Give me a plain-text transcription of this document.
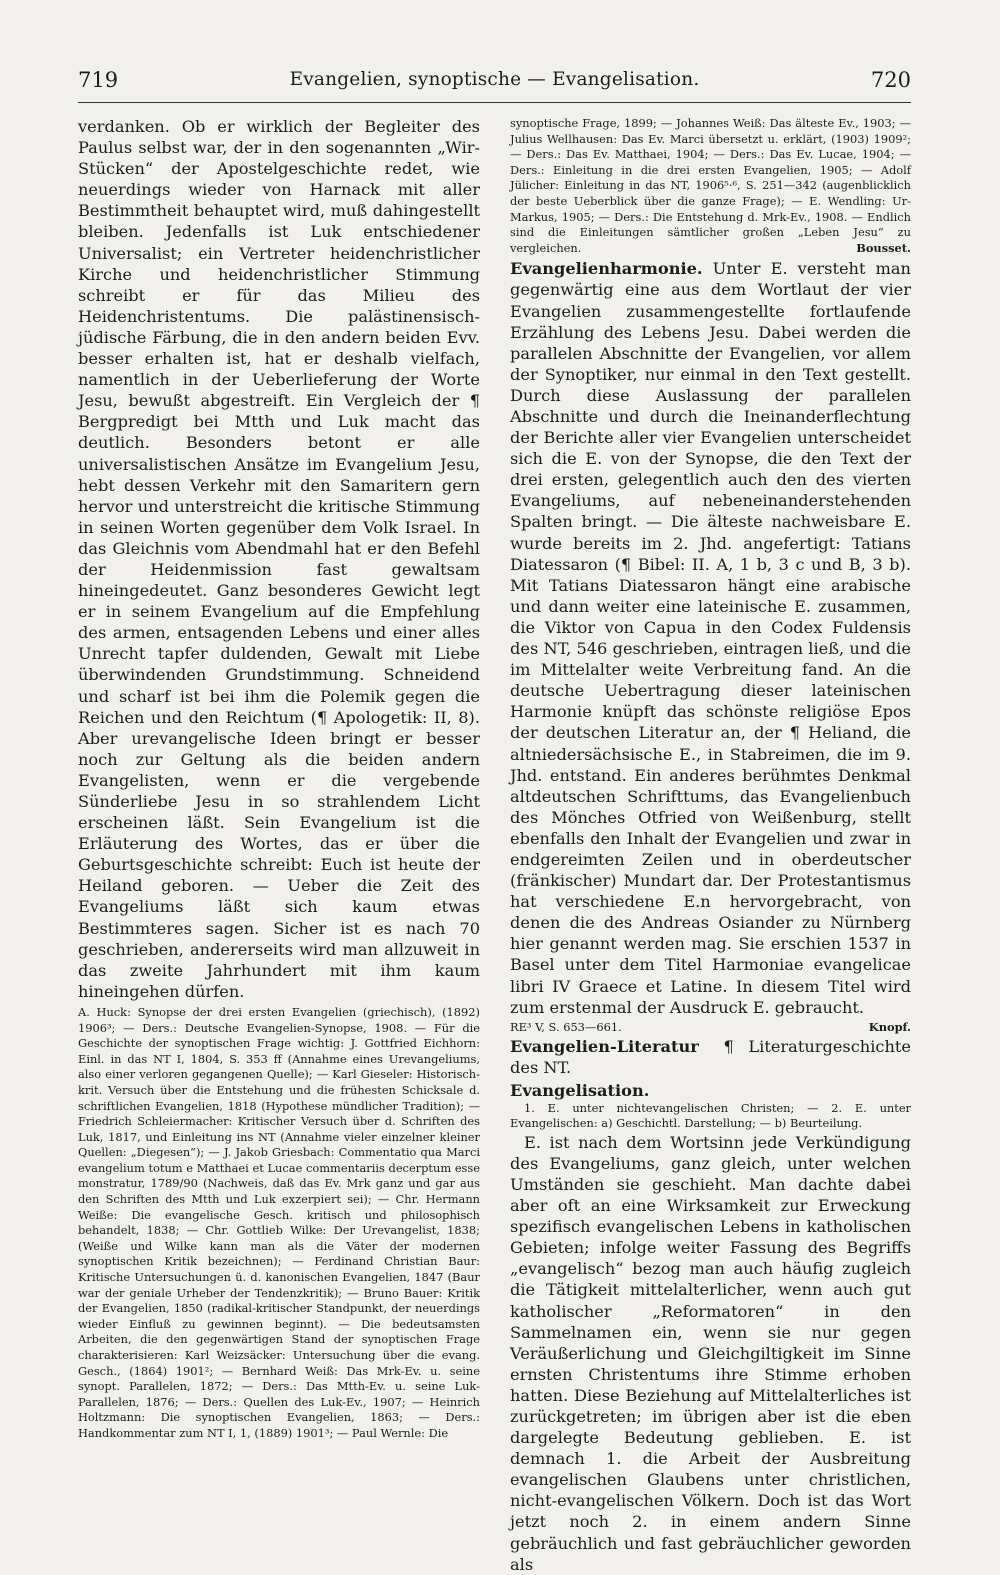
719	Evangelien, synoptische — Evangelisation.	720

verdanken. Ob er wirklich der Begleiter des Paulus selbst war, der in den sogenannten „Wir-Stücken“ der Apostelgeschichte redet, wie neuerdings wieder von Harnack mit aller Bestimmtheit behauptet wird, muß dahingestellt bleiben. Jedenfalls ist Luk entschiedener Universalist; ein Vertreter heidenchristlicher Kirche und heidenchristlicher Stimmung schreibt er für das Milieu des Heidenchristentums. Die palästinensisch-jüdische Färbung, die in den andern beiden Evv. besser erhalten ist, hat er deshalb vielfach, namentlich in der Ueberlieferung der Worte Jesu, bewußt abgestreift. Ein Vergleich der ¶ Bergpredigt bei Mtth und Luk macht das deutlich. Besonders betont er alle universalistischen Ansätze im Evangelium Jesu, hebt dessen Verkehr mit den Samaritern gern hervor und unterstreicht die kritische Stimmung in seinen Worten gegenüber dem Volk Israel. In das Gleichnis vom Abendmahl hat er den Befehl der Heidenmission fast gewaltsam hineingedeutet. Ganz besonderes Gewicht legt er in seinem Evangelium auf die Empfehlung des armen, entsagenden Lebens und einer alles Unrecht tapfer duldenden, Gewalt mit Liebe überwindenden Grundstimmung. Schneidend und scharf ist bei ihm die Polemik gegen die Reichen und den Reichtum (¶ Apologetik: II, 8). Aber urevangelische Ideen bringt er besser noch zur Geltung als die beiden andern Evangelisten, wenn er die vergebende Sünderliebe Jesu in so strahlendem Licht erscheinen läßt. Sein Evangelium ist die Erläuterung des Wortes, das er über die Geburtsgeschichte schreibt: Euch ist heute der Heiland geboren. — Ueber die Zeit des Evangeliums läßt sich kaum etwas Bestimmteres sagen. Sicher ist es nach 70 geschrieben, andererseits wird man allzuweit in das zweite Jahrhundert mit ihm kaum hineingehen dürfen.

A. Huck: Synopse der drei ersten Evangelien (griechisch), (1892) 1906³; — Ders.: Deutsche Evangelien-Synopse, 1908. — Für die Geschichte der synoptischen Frage wichtig: J. Gottfried Eichhorn: Einl. in das NT I, 1804, S. 353 ff (Annahme eines Urevangeliums, also einer verloren gegangenen Quelle); — Karl Gieseler: Historisch-krit. Versuch über die Entstehung und die frühesten Schicksale d. schriftlichen Evangelien, 1818 (Hypothese mündlicher Tradition); — Friedrich Schleiermacher: Kritischer Versuch über d. Schriften des Luk, 1817, und Einleitung ins NT (Annahme vieler einzelner kleiner Quellen: „Diegesen“); — J. Jakob Griesbach: Commentatio qua Marci evangelium totum e Matthaei et Lucae commentariis decerptum esse monstratur, 1789/90 (Nachweis, daß das Ev. Mrk ganz und gar aus den Schriften des Mtth und Luk exzerpiert sei); — Chr. Hermann Weiße: Die evangelische Gesch. kritisch und philosophisch behandelt, 1838; — Chr. Gottlieb Wilke: Der Urevangelist, 1838; (Weiße und Wilke kann man als die Väter der modernen synoptischen Kritik bezeichnen); — Ferdinand Christian Baur: Kritische Untersuchungen ü. d. kanonischen Evangelien, 1847 (Baur war der geniale Urheber der Tendenzkritik); — Bruno Bauer: Kritik der Evangelien, 1850 (radikal-kritischer Standpunkt, der neuerdings wieder Einfluß zu gewinnen beginnt). — Die bedeutsamsten Arbeiten, die den gegenwärtigen Stand der synoptischen Frage charakterisieren: Karl Weizsäcker: Untersuchung über die evang. Gesch., (1864) 1901²; — Bernhard Weiß: Das Mrk-Ev. u. seine synopt. Parallelen, 1872; — Ders.: Das Mtth-Ev. u. seine Luk-Parallelen, 1876; — Ders.: Quellen des Luk-Ev., 1907; — Heinrich Holtzmann: Die synoptischen Evangelien, 1863; — Ders.: Handkommentar zum NT I, 1, (1889) 1901³; — Paul Wernle: Die

synoptische Frage, 1899; — Johannes Weiß: Das älteste Ev., 1903; — Julius Wellhausen: Das Ev. Marci übersetzt u. erklärt, (1903) 1909²; — Ders.: Das Ev. Matthaei, 1904; — Ders.: Das Ev. Lucae, 1904; — Ders.: Einleitung in die drei ersten Evangelien, 1905; — Adolf Jülicher: Einleitung in das NT, 1906⁵·⁶, S. 251—342 (augenblicklich der beste Ueberblick über die ganze Frage); — E. Wendling: Ur-Markus, 1905; — Ders.: Die Entstehung d. Mrk-Ev., 1908. — Endlich sind die Einleitungen sämtlicher großen „Leben Jesu“ zu vergleichen.	Bousset.

Evangelienharmonie. Unter E. versteht man gegenwärtig eine aus dem Wortlaut der vier Evangelien zusammengestellte fortlaufende Erzählung des Lebens Jesu. Dabei werden die parallelen Abschnitte der Evangelien, vor allem der Synoptiker, nur einmal in den Text gestellt. Durch diese Auslassung der parallelen Abschnitte und durch die Ineinanderflechtung der Berichte aller vier Evangelien unterscheidet sich die E. von der Synopse, die den Text der drei ersten, gelegentlich auch den des vierten Evangeliums, auf nebeneinanderstehenden Spalten bringt. — Die älteste nachweisbare E. wurde bereits im 2. Jhd. angefertigt: Tatians Diatessaron (¶ Bibel: II. A, 1 b, 3 c und B, 3 b). Mit Tatians Diatessaron hängt eine arabische und dann weiter eine lateinische E. zusammen, die Viktor von Capua in den Codex Fuldensis des NT, 546 geschrieben, eintragen ließ, und die im Mittelalter weite Verbreitung fand. An die deutsche Uebertragung dieser lateinischen Harmonie knüpft das schönste religiöse Epos der deutschen Literatur an, der ¶ Heliand, die altniedersächsische E., in Stabreimen, die im 9. Jhd. entstand. Ein anderes berühmtes Denkmal altdeutschen Schrifttums, das Evangelienbuch des Mönches Otfried von Weißenburg, stellt ebenfalls den Inhalt der Evangelien und zwar in endgereimten Zeilen und in oberdeutscher (fränkischer) Mundart dar. Der Protestantismus hat verschiedene E.n hervorgebracht, von denen die des Andreas Osiander zu Nürnberg hier genannt werden mag. Sie erschien 1537 in Basel unter dem Titel Harmoniae evangelicae libri IV Graece et Latine. In diesem Titel wird zum erstenmal der Ausdruck E. gebraucht.

RE³ V, S. 653—661.	Knopf.

Evangelien-Literatur ¶ Literaturgeschichte des NT.

Evangelisation.

1. E. unter nichtevangelischen Christen; — 2. E. unter Evangelischen: a) Geschichtl. Darstellung; — b) Beurteilung.

E. ist nach dem Wortsinn jede Verkündigung des Evangeliums, ganz gleich, unter welchen Umständen sie geschieht. Man dachte dabei aber oft an eine Wirksamkeit zur Erweckung spezifisch evangelischen Lebens in katholischen Gebieten; infolge weiter Fassung des Begriffs „evangelisch“ bezog man auch häufig zugleich die Tätigkeit mittelalterlicher, wenn auch gut katholischer „Reformatoren“ in den Sammelnamen ein, wenn sie nur gegen Veräußerlichung und Gleichgiltigkeit im Sinne ernsten Christentums ihre Stimme erhoben hatten. Diese Beziehung auf Mittelalterliches ist zurückgetreten; im übrigen aber ist die eben dargelegte Bedeutung geblieben. E. ist demnach 1. die Arbeit der Ausbreitung evangelischen Glaubens unter christlichen, nicht-evangelischen Völkern. Doch ist das Wort jetzt noch 2. in einem andern Sinne gebräuchlich und fast gebräuchlicher geworden als
